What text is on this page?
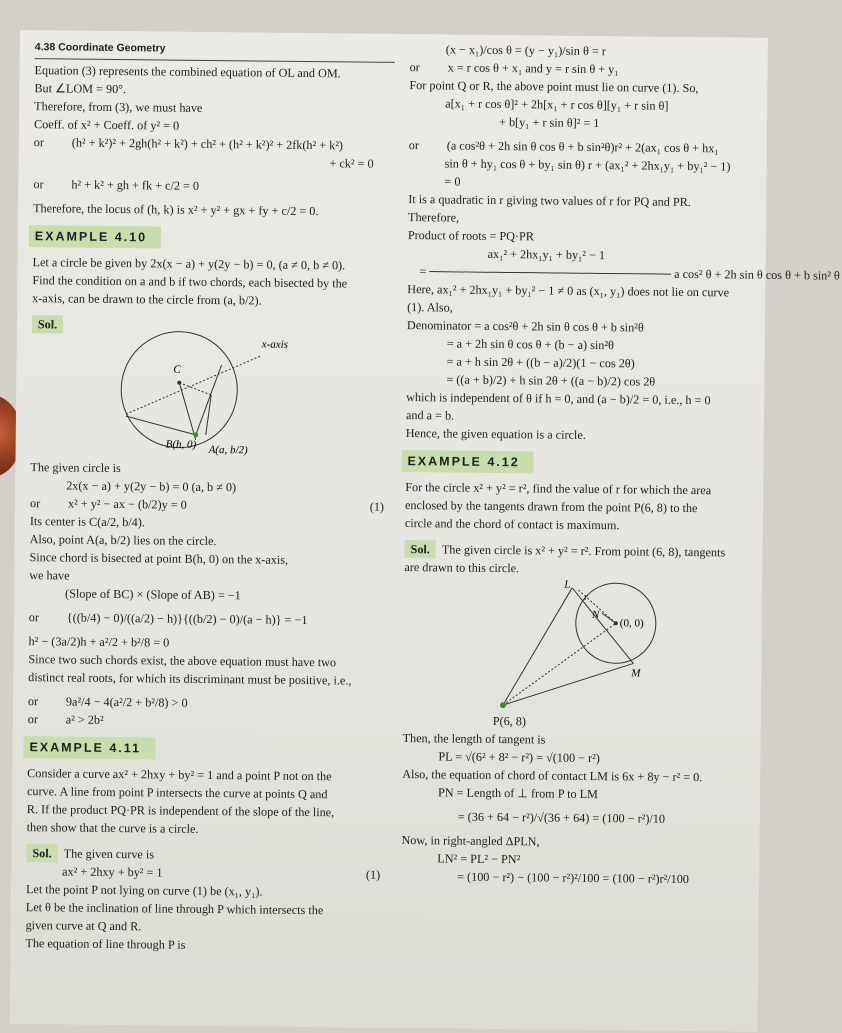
4.38 Coordinate Geometry
Equation (3) represents the combined equation of OL and OM.
But ∠LOM = 90°.
Therefore, from (3), we must have
Coeff. of x² + Coeff. of y² = 0
or (h² + k²)² + 2gh(h² + k²) + ch² + (h² + k²)² + 2fk(h² + k²)
+ ck² = 0
or h² + k² + gh + fk + c/2 = 0
Therefore, the locus of (h, k) is x² + y² + gx + fy + c/2 = 0.
EXAMPLE 4.10
Let a circle be given by 2x(x − a) + y(2y − b) = 0, (a ≠ 0, b ≠ 0).
Find the condition on a and b if two chords, each bisected by the
x-axis, can be drawn to the circle from (a, b/2).
Sol.
x-axis
C
B(h, 0) A(a, b/2)
The given circle is
2x(x − a) + y(2y − b) = 0 (a, b ≠ 0)
or x² + y² − ax − (b/2)y = 0	(1)
Its center is C(a/2, b/4).
Also, point A(a, b/2) lies on the circle.
Since chord is bisected at point B(h, 0) on the x-axis,
we have
(Slope of BC) × (Slope of AB) = −1
or {((b/4) − 0)/((a/2) − h)}{((b/2) − 0)/(a − h)} = −1
h² − (3a/2)h + a²/2 + b²/8 = 0
Since two such chords exist, the above equation must have two
distinct real roots, for which its discriminant must be positive, i.e.,
or 9a²/4 − 4(a²/2 + b²/8) > 0
or a² > 2b²
EXAMPLE 4.11
Consider a curve ax² + 2hxy + by² = 1 and a point P not on the
curve. A line from point P intersects the curve at points Q and
R. If the product PQ·PR is independent of the slope of the line,
then show that the curve is a circle.
Sol. The given curve is
ax² + 2hxy + by² = 1	(1)
Let the point P not lying on curve (1) be (x₁, y₁).
Let θ be the inclination of line through P which intersects the
given curve at Q and R.
The equation of line through P is
(x − x₁)/cos θ = (y − y₁)/sin θ = r
or x = r cos θ + x₁ and y = r sin θ + y₁
For point Q or R, the above point must lie on curve (1). So,
a[x₁ + r cos θ]² + 2h[x₁ + r cos θ][y₁ + r sin θ]
+ b[y₁ + r sin θ]² = 1
or (a cos²θ + 2h sin θ cos θ + b sin²θ)r² + 2(ax₁ cos θ + hx₁
sin θ + hy₁ cos θ + by₁ sin θ) r + (ax₁² + 2hx₁y₁ + by₁² − 1)
= 0
It is a quadratic in r giving two values of r for PQ and PR.
Therefore,
Product of roots = PQ·PR
ax₁² + 2hx₁y₁ + by₁² − 1
= ──────────────────────────── a cos² θ + 2h sin θ cos θ + b sin² θ
Here, ax₁² + 2hx₁y₁ + by₁² − 1 ≠ 0 as (x₁, y₁) does not lie on curve
(1). Also,
Denominator = a cos²θ + 2h sin θ cos θ + b sin²θ
= a + 2h sin θ cos θ + (b − a) sin²θ
= a + h sin 2θ + ((b − a)/2)(1 − cos 2θ)
= ((a + b)/2) + h sin 2θ + ((a − b)/2) cos 2θ
which is independent of θ if h = 0, and (a − b)/2 = 0, i.e., h = 0
and a = b.
Hence, the given equation is a circle.
EXAMPLE 4.12
For the circle x² + y² = r², find the value of r for which the area
enclosed by the tangents drawn from the point P(6, 8) to the
circle and the chord of contact is maximum.
Sol. The given circle is x² + y² = r². From point (6, 8), tangents
are drawn to this circle.
L
N
r
(0, 0)
M
P(6, 8)
Then, the length of tangent is
PL = √(6² + 8² − r²) = √(100 − r²)
Also, the equation of chord of contact LM is 6x + 8y − r² = 0.
PN = Length of ⊥ from P to LM
= (36 + 64 − r²)/√(36 + 64) = (100 − r²)/10
Now, in right-angled ΔPLN,
LN² = PL² − PN²
= (100 − r²) − (100 − r²)²/100 = (100 − r²)r²/100
